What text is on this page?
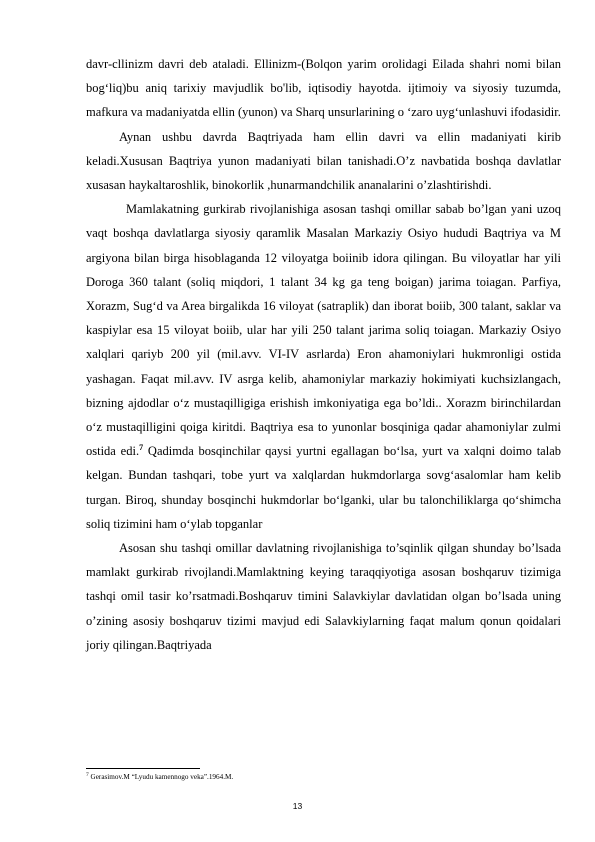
davr-cllinizm davri deb ataladi. Ellinizm-(Bolqon yarim orolidagi Eilada shahri nomi bilan bog‘liq)bu aniq tarixiy mavjudlik bo'lib, iqtisodiy hayotda. ijtimoiy va siyosiy tuzumda, mafkura va madaniyatda ellin (yunon) va Sharq unsurlarining o ‘zaro uyg‘unlashuvi ifodasidir.

Aynan ushbu davrda Baqtriyada ham ellin davri va ellin madaniyati kirib keladi.Xususan Baqtriya yunon madaniyati bilan tanishadi.O’z navbatida boshqa davlatlar xusasan haykaltaroshlik, binokorlik ,hunarmandchilik ananalarini o’zlashtirishdi.

Mamlakatning gurkirab rivojlanishiga asosan tashqi omillar sabab bo’lgan yani uzoq vaqt boshqa davlatlarga siyosiy qaramlik Masalan Markaziy Osiyo hududi Baqtriya va M argiyona bilan birga hisoblaganda 12 viloyatga boiinib idora qilingan. Bu viloyatlar har yili Doroga 360 talant (soliq miqdori, 1 talant 34 kg ga teng boigan) jarima toiagan. Parfiya, Xorazm, Sug‘d va Area birgalikda 16 viloyat (satraplik) dan iborat boiib, 300 talant, saklar va kaspiylar esa 15 viloyat boiib, ular har yili 250 talant jarima soliq toiagan. Markaziy Osiyo xalqlari qariyb 200 yil (mil.avv. VI-IV asrlarda) Eron ahamoniylari hukmronligi ostida yashagan. Faqat mil.avv. IV asrga kelib, ahamoniylar markaziy hokimiyati kuchsizlangach, bizning ajdodlar o‘z mustaqilligiga erishish imkoniyatiga ega bo’ldi.. Xorazm birinchilardan o‘z mustaqilligini qoiga kiritdi. Baqtriya esa to yunonlar bosqiniga qadar ahamoniylar zulmi ostida edi.$^7$ Qadimda bosqinchilar qaysi yurtni egallagan bo‘lsa, yurt va xalqni doimo talab kelgan. Bundan tashqari, tobe yurt va xalqlardan hukmdorlarga sovg‘asalomlar ham kelib turgan. Biroq, shunday bosqinchi hukmdorlar bo‘lganki, ular bu talonchiliklarga qo‘shimcha soliq tizimini ham o‘ylab topganlar

Asosan shu tashqi omillar davlatning rivojlanishiga to’sqinlik qilgan shunday bo’lsada mamlakt gurkirab rivojlandi.Mamlaktning keying taraqqiyotiga asosan boshqaruv tizimiga tashqi omil tasir ko’rsatmadi.Boshqaruv timini Salavkiylar davlatidan olgan bo’lsada uning o’zining asosiy boshqaruv tizimi mavjud edi Salavkiylarning faqat malum qonun qoidalari joriy qilingan.Baqtriyada

$^7$ Gerasimov.M “Lyudu kamennogo veka”.1964.M.
13
